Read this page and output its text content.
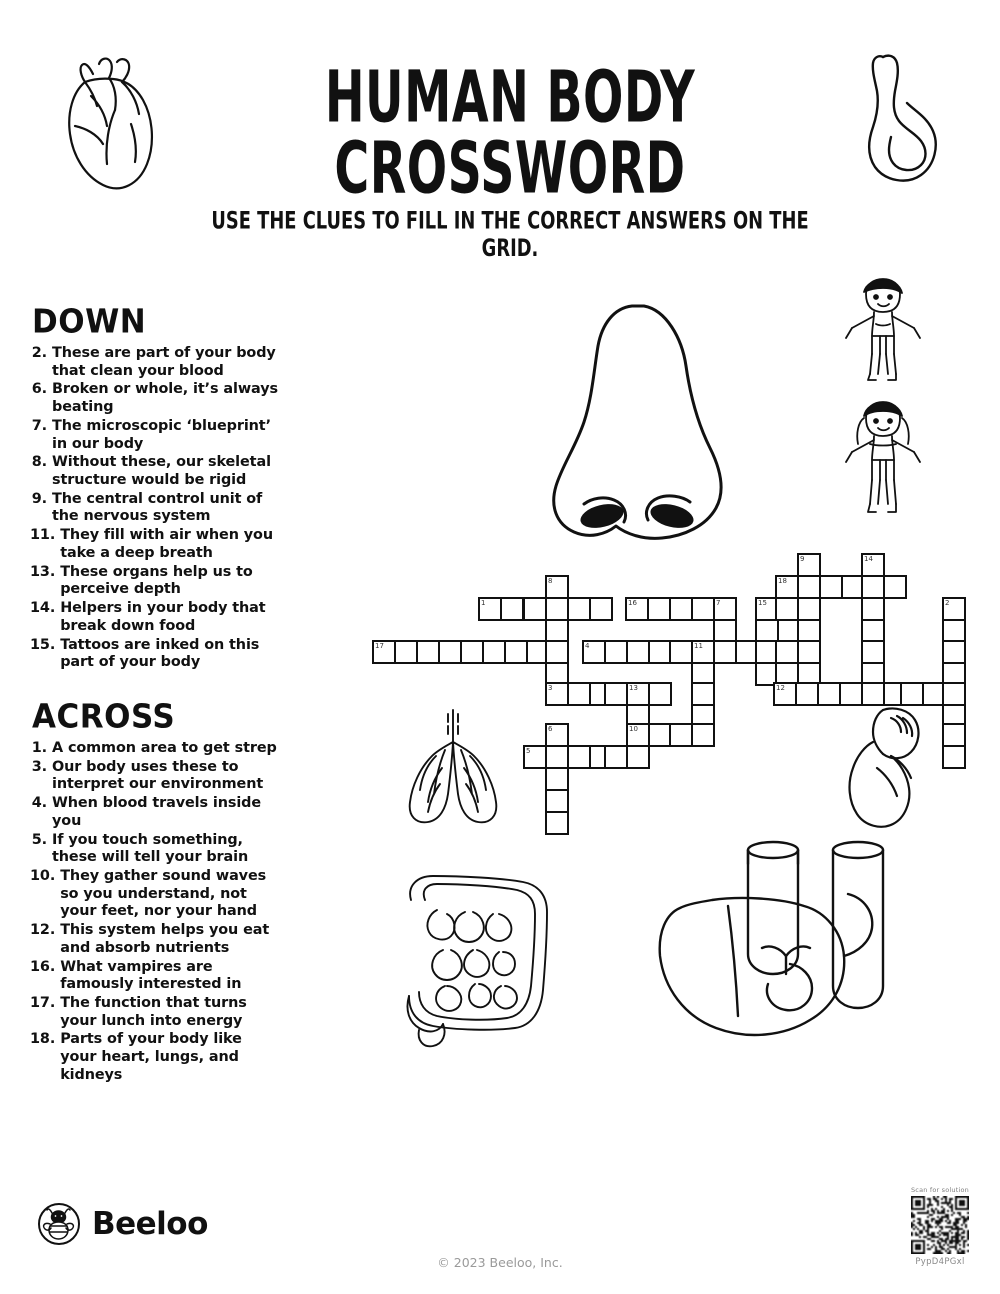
HUMAN BODY CROSSWORD

USE THE CLUES TO FILL IN THE CORRECT ANSWERS ON THE GRID.

DOWN
2. These are part of your body that clean your blood
6. Broken or whole, it’s always beating
7. The microscopic ‘blueprint’ in our body
8. Without these, our skeletal structure would be rigid
9. The central control unit of the nervous system
11. They fill with air when you take a deep breath
13. These organs help us to perceive depth
14. Helpers in your body that break down food
15. Tattoos are inked on this part of your body
ACROSS
1. A common area to get strep
3. Our body uses these to interpret our environment
4. When blood travels inside you
5. If you touch something, these will tell your brain
10. They gather sound waves so you understand, not your feet, nor your hand
12. This system helps you eat and absorb nutrients
16. What vampires are famously interested in
17. The function that turns your lunch into energy
18. Parts of your body like your heart, lungs, and kidneys
9	14
18
8
1	16	7	15	2
17	4	11
3	13	12
6	10
5
Beeloo
© 2023 Beeloo, Inc.
Scan for solution
PypD4PGxl
